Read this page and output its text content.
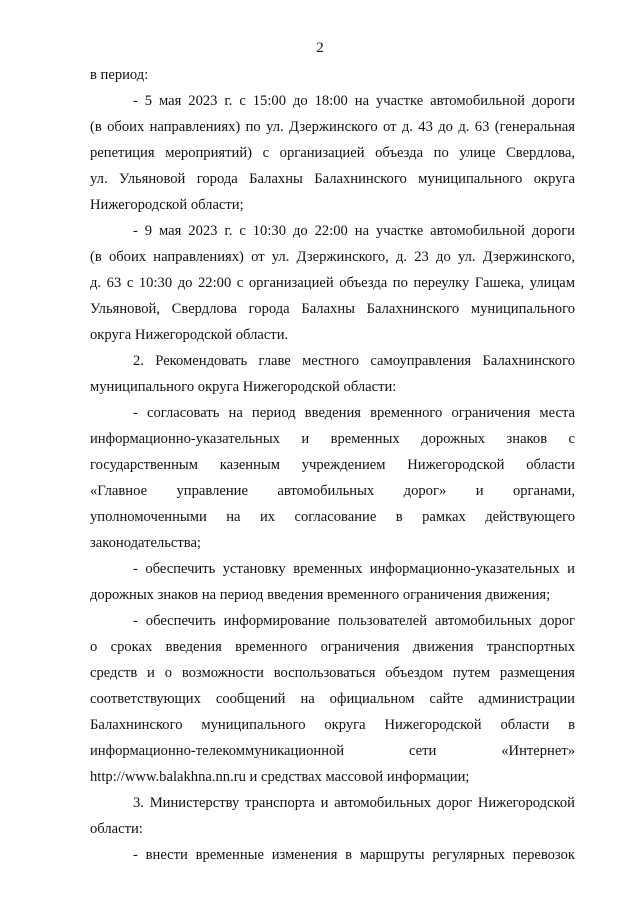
2
в период:
- 5 мая 2023 г. с 15:00 до 18:00 на участке автомобильной дороги
(в обоих направлениях) по ул. Дзержинского от д. 43 до д. 63 (генеральная
репетиция мероприятий) с организацией объезда по улице Свердлова,
ул. Ульяновой города Балахны Балахнинского муниципального округа
Нижегородской области;
- 9 мая 2023 г. с 10:30 до 22:00 на участке автомобильной дороги
(в обоих направлениях) от ул. Дзержинского, д. 23 до ул. Дзержинского,
д. 63 с 10:30 до 22:00 с организацией объезда по переулку Гашека, улицам
Ульяновой, Свердлова города Балахны Балахнинского муниципального
округа Нижегородской области.
2. Рекомендовать главе местного самоуправления Балахнинского
муниципального округа Нижегородской области:
- согласовать на период введения временного ограничения места
информационно-указательных и временных дорожных знаков с
государственным казенным учреждением Нижегородской области
«Главное управление автомобильных дорог» и органами,
уполномоченными на их согласование в рамках действующего
законодательства;
- обеспечить установку временных информационно-указательных и
дорожных знаков на период введения временного ограничения движения;
- обеспечить информирование пользователей автомобильных дорог
о сроках введения временного ограничения движения транспортных
средств и о возможности воспользоваться объездом путем размещения
соответствующих сообщений на официальном сайте администрации
Балахнинского муниципального округа Нижегородской области в
информационно-телекоммуникационной сети «Интернет»
http://www.balakhna.nn.ru и средствах массовой информации;
3. Министерству транспорта и автомобильных дорог Нижегородской
области:
- внести временные изменения в маршруты регулярных перевозок
